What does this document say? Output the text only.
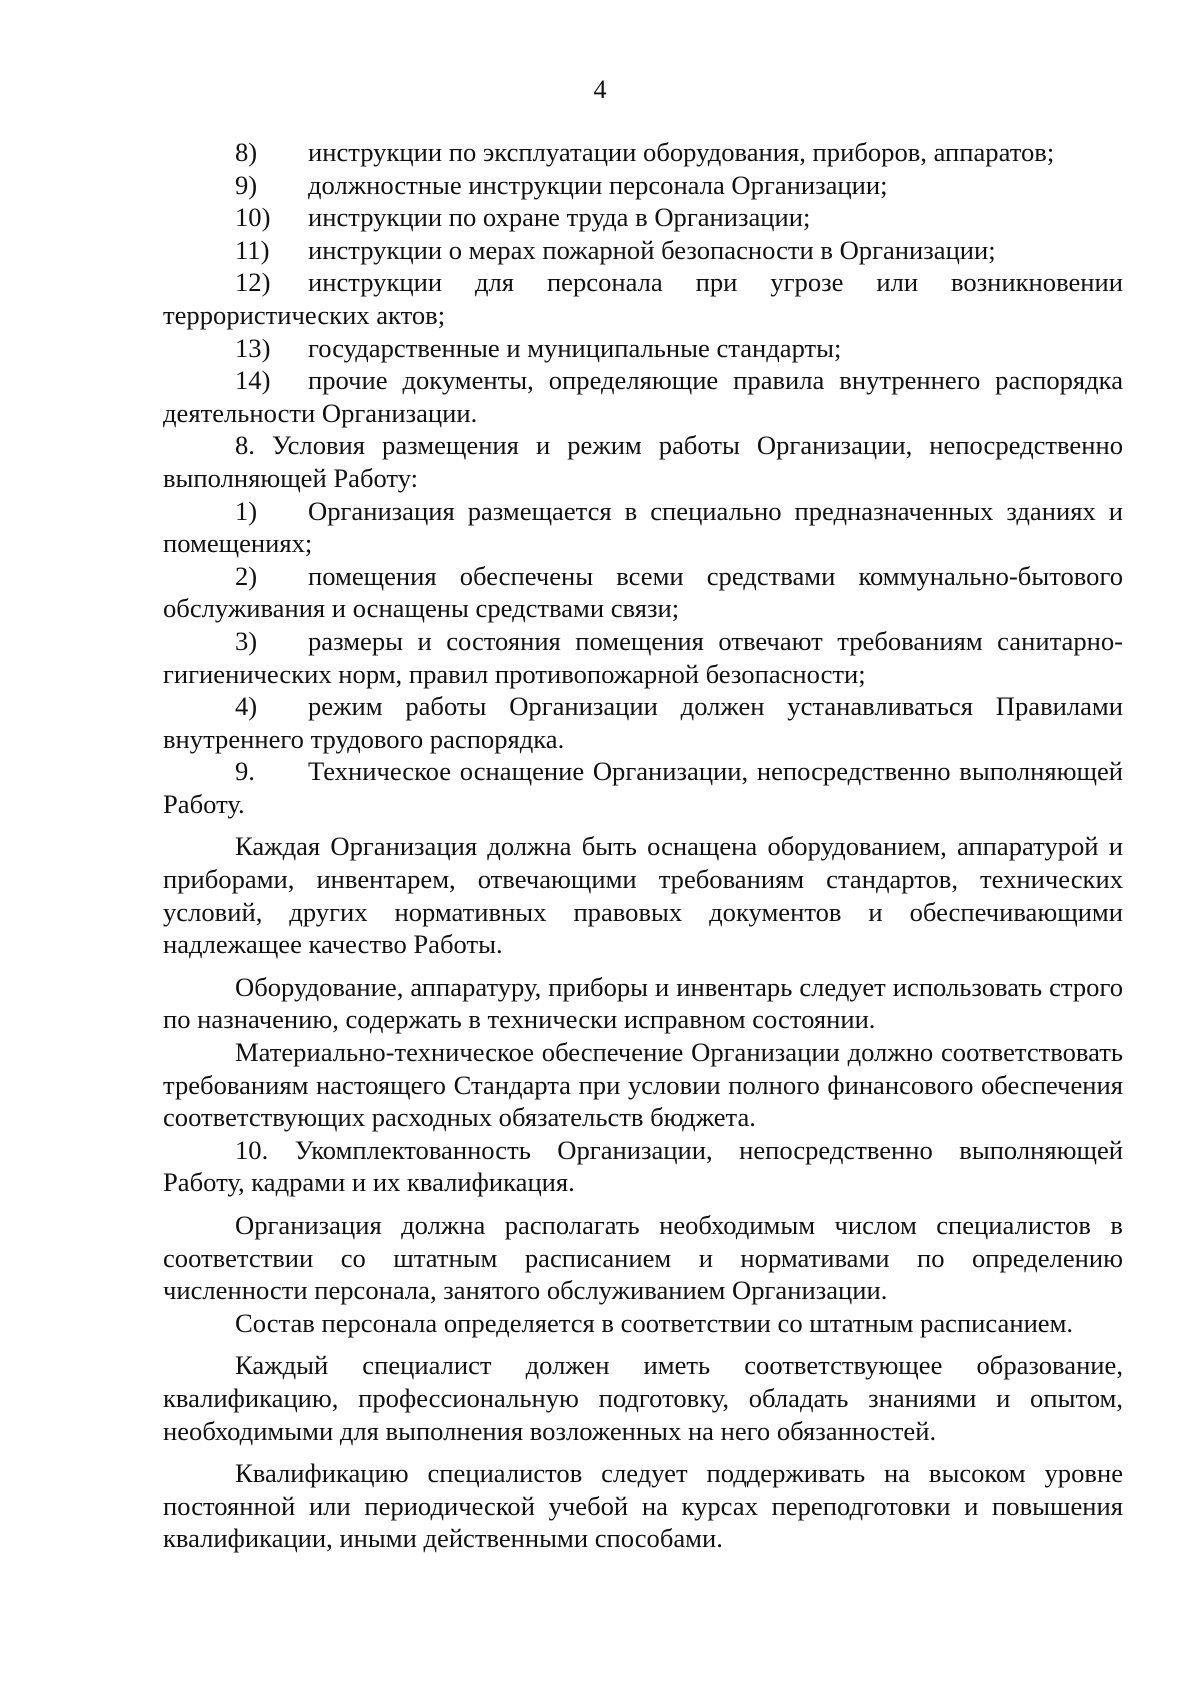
4

8) инструкции по эксплуатации оборудования, приборов, аппаратов;

9) должностные инструкции персонала Организации;

10) инструкции по охране труда в Организации;

11) инструкции о мерах пожарной безопасности в Организации;

12) инструкции для персонала при угрозе или возникновении террористических актов;

13) государственные и муниципальные стандарты;

14) прочие документы, определяющие правила внутреннего распорядка деятельности Организации.

8. Условия размещения и режим работы Организации, непосредственно выполняющей Работу:

1) Организация размещается в специально предназначенных зданиях и помещениях;

2) помещения обеспечены всеми средствами коммунально-бытового обслуживания и оснащены средствами связи;

3) размеры и состояния помещения отвечают требованиям санитарно-гигиенических норм, правил противопожарной безопасности;

4) режим работы Организации должен устанавливаться Правилами внутреннего трудового распорядка.

9. Техническое оснащение Организации, непосредственно выполняющей Работу.

Каждая Организация должна быть оснащена оборудованием, аппаратурой и приборами, инвентарем, отвечающими требованиям стандартов, технических условий, других нормативных правовых документов и обеспечивающими надлежащее качество Работы.

Оборудование, аппаратуру, приборы и инвентарь следует использовать строго по назначению, содержать в технически исправном состоянии.

Материально-техническое обеспечение Организации должно соответствовать требованиям настоящего Стандарта при условии полного финансового обеспечения соответствующих расходных обязательств бюджета.

10. Укомплектованность Организации, непосредственно выполняющей Работу, кадрами и их квалификация.

Организация должна располагать необходимым числом специалистов в соответствии со штатным расписанием и нормативами по определению численности персонала, занятого обслуживанием Организации.

Состав персонала определяется в соответствии со штатным расписанием.

Каждый специалист должен иметь соответствующее образование, квалификацию, профессиональную подготовку, обладать знаниями и опытом, необходимыми для выполнения возложенных на него обязанностей.

Квалификацию специалистов следует поддерживать на высоком уровне постоянной или периодической учебой на курсах переподготовки и повышения квалификации, иными действенными способами.
